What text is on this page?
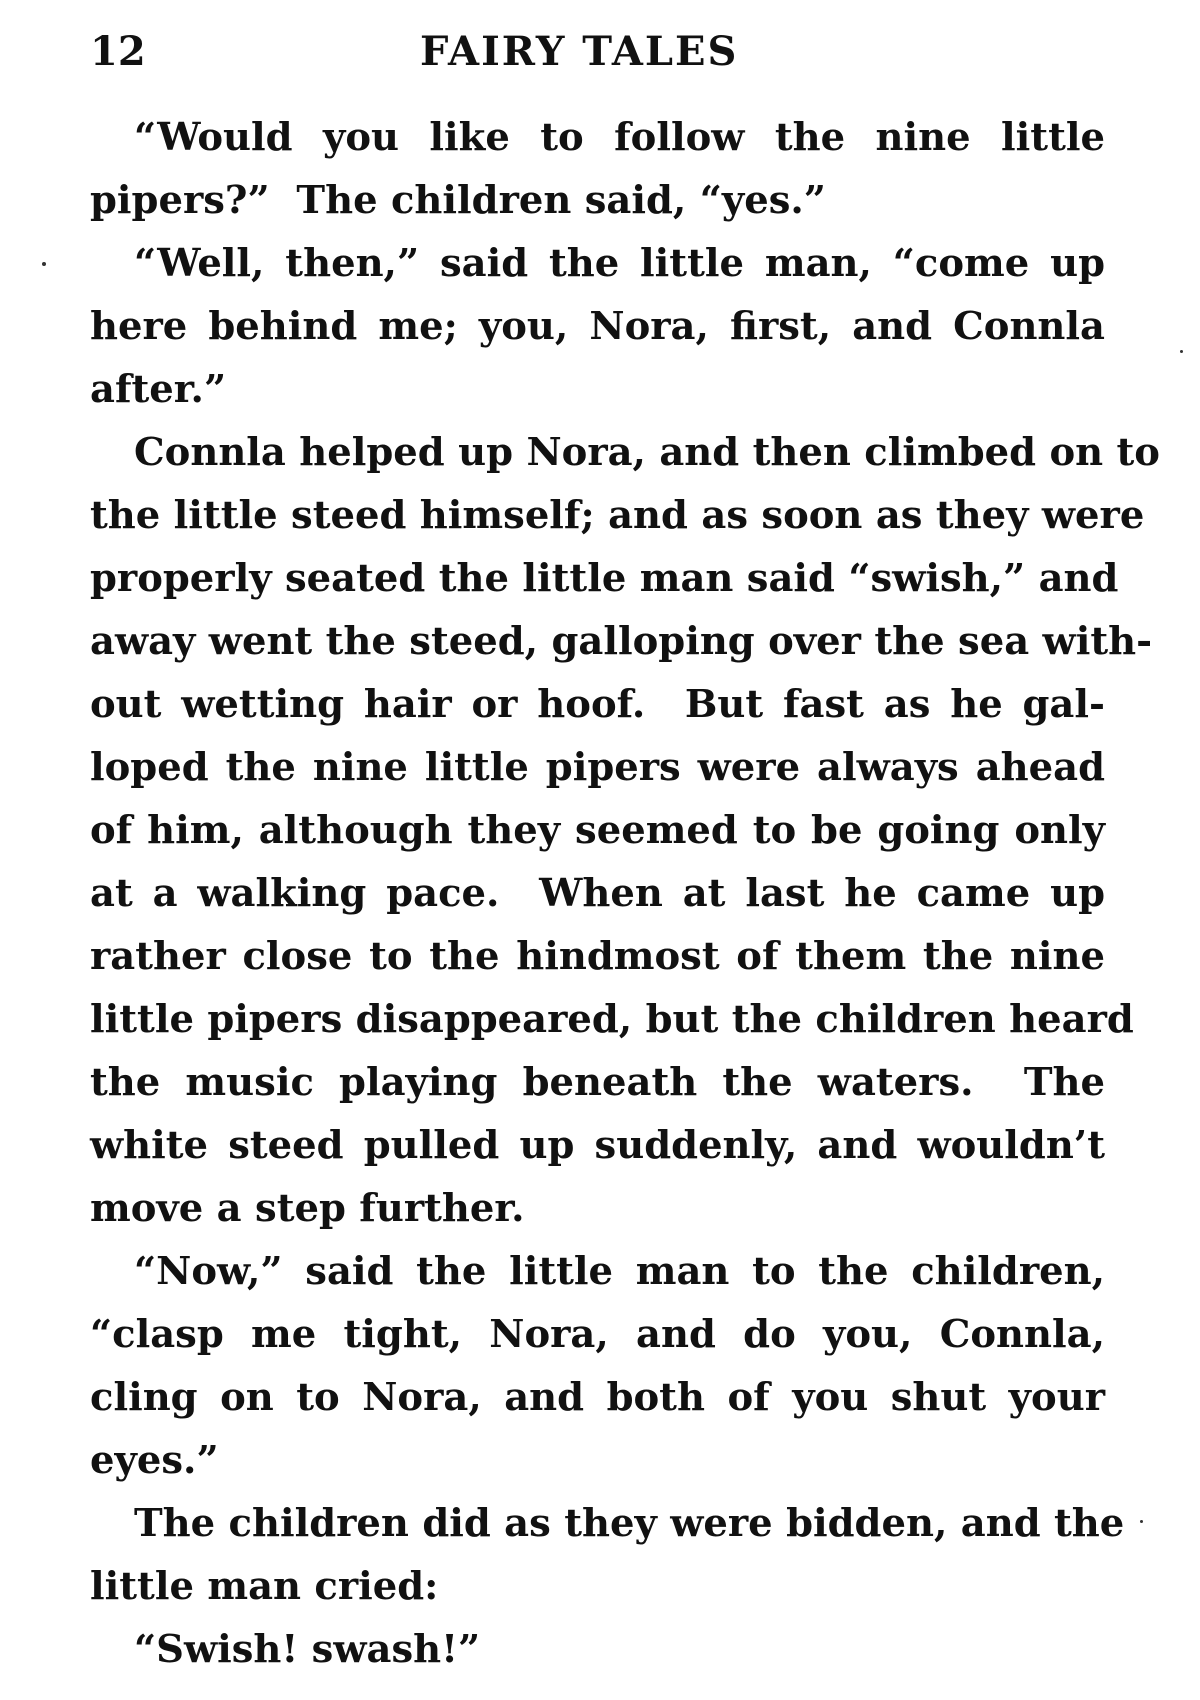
12	FAIRY TALES
“Would you like to follow the nine little
pipers?”  The children said, “yes.”
“Well, then,” said the little man, “come up
here behind me; you, Nora, first, and Connla
after.”
Connla helped up Nora, and then climbed on to
the little steed himself; and as soon as they were
properly seated the little man said “swish,” and
away went the steed, galloping over the sea with-
out wetting hair or hoof.  But fast as he gal-
loped the nine little pipers were always ahead
of him, although they seemed to be going only
at a walking pace.  When at last he came up
rather close to the hindmost of them the nine
little pipers disappeared, but the children heard
the music playing beneath the waters.  The
white steed pulled up suddenly, and wouldn’t
move a step further.
“Now,” said the little man to the children,
“clasp me tight, Nora, and do you, Connla,
cling on to Nora, and both of you shut your
eyes.”
The children did as they were bidden, and the
little man cried:
“Swish! swash!”
